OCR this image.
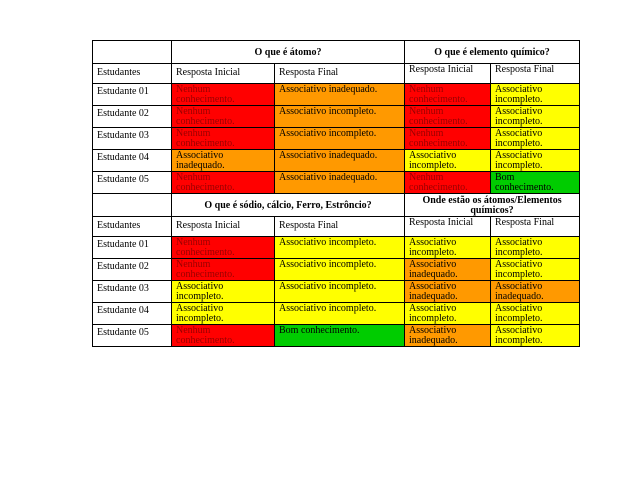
	O que é átomo?		O que é elemento químico?	
Estudantes	Resposta Inicial	Resposta Final	Resposta Inicial	Resposta Final
Estudante 01	Nenhum conhecimento.	Associativo inadequado.	Nenhum conhecimento.	Associativo incompleto.
Estudante 02	Nenhum conhecimento.	Associativo incompleto.	Nenhum conhecimento.	Associativo incompleto.
Estudante 03	Nenhum conhecimento.	Associativo incompleto.	Nenhum conhecimento.	Associativo incompleto.
Estudante 04	Associativo inadequado.	Associativo inadequado.	Associativo incompleto.	Associativo incompleto.
Estudante 05	Nenhum conhecimento.	Associativo inadequado.	Nenhum conhecimento.	Bom conhecimento.
	O que é sódio, cálcio, Ferro, Estrôncio?		Onde estão os átomos/Elementos químicos?	
Estudantes	Resposta Inicial	Resposta Final	Resposta Inicial	Resposta Final
Estudante 01	Nenhum conhecimento.	Associativo incompleto.	Associativo incompleto.	Associativo incompleto.
Estudante 02	Nenhum conhecimento.	Associativo incompleto.	Associativo inadequado.	Associativo incompleto.
Estudante 03	Associativo incompleto.	Associativo incompleto.	Associativo inadequado.	Associativo inadequado.
Estudante 04	Associativo incompleto.	Associativo incompleto.	Associativo incompleto.	Associativo incompleto.
Estudante 05	Nenhum conhecimento.	Bom conhecimento.	Associativo inadequado.	Associativo incompleto.
